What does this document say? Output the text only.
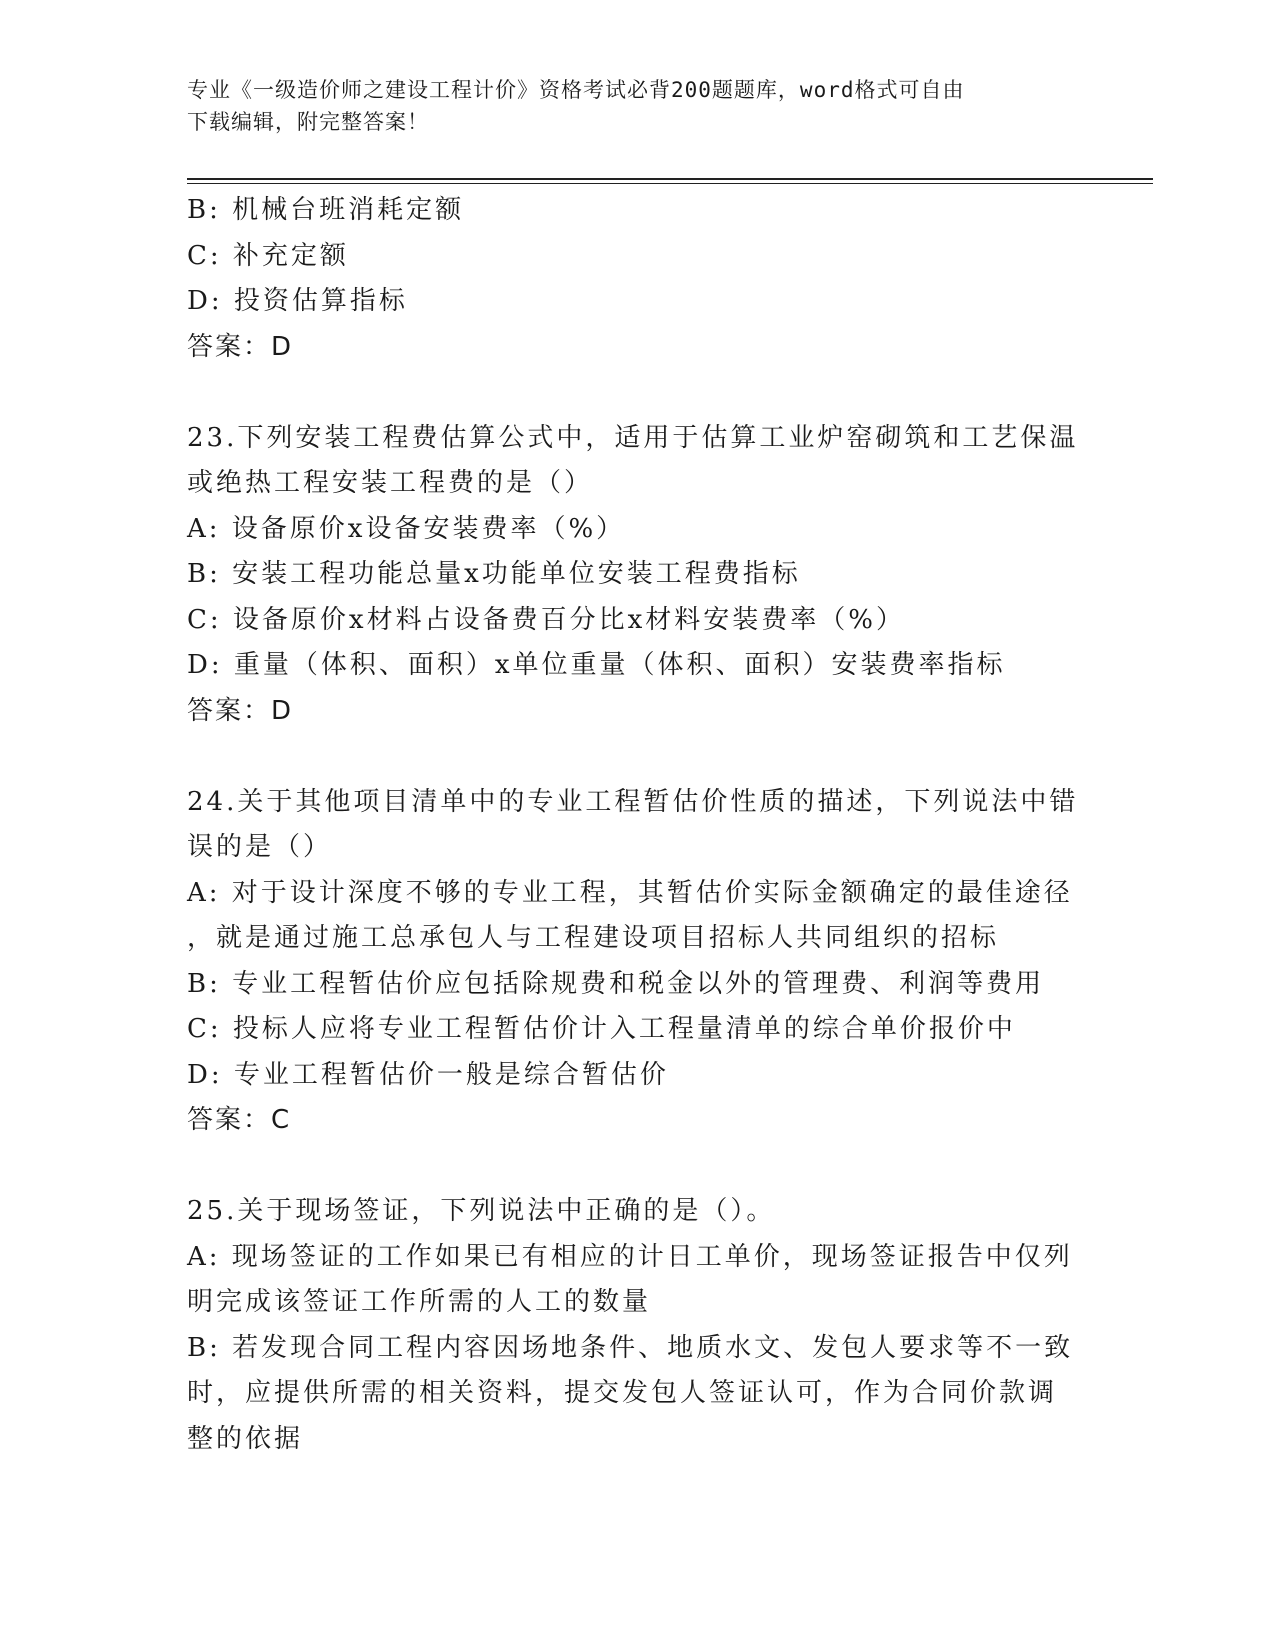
专业《一级造价师之建设工程计价》资格考试必背200题题库，word格式可自由
下载编辑，附完整答案！
B: 机械台班消耗定额
C: 补充定额
D: 投资估算指标
答案：D
23.下列安装工程费估算公式中，适用于估算工业炉窑砌筑和工艺保温
或绝热工程安装工程费的是（）
A: 设备原价x设备安装费率（%）
B: 安装工程功能总量x功能单位安装工程费指标
C: 设备原价x材料占设备费百分比x材料安装费率（%）
D: 重量（体积、面积）x单位重量（体积、面积）安装费率指标
答案：D
24.关于其他项目清单中的专业工程暂估价性质的描述，下列说法中错
误的是（）
A: 对于设计深度不够的专业工程，其暂估价实际金额确定的最佳途径
，就是通过施工总承包人与工程建设项目招标人共同组织的招标
B: 专业工程暂估价应包括除规费和税金以外的管理费、利润等费用
C: 投标人应将专业工程暂估价计入工程量清单的综合单价报价中
D: 专业工程暂估价一般是综合暂估价
答案：C
25.关于现场签证，下列说法中正确的是（）。
A: 现场签证的工作如果已有相应的计日工单价，现场签证报告中仅列
明完成该签证工作所需的人工的数量
B: 若发现合同工程内容因场地条件、地质水文、发包人要求等不一致
时，应提供所需的相关资料，提交发包人签证认可，作为合同价款调
整的依据
